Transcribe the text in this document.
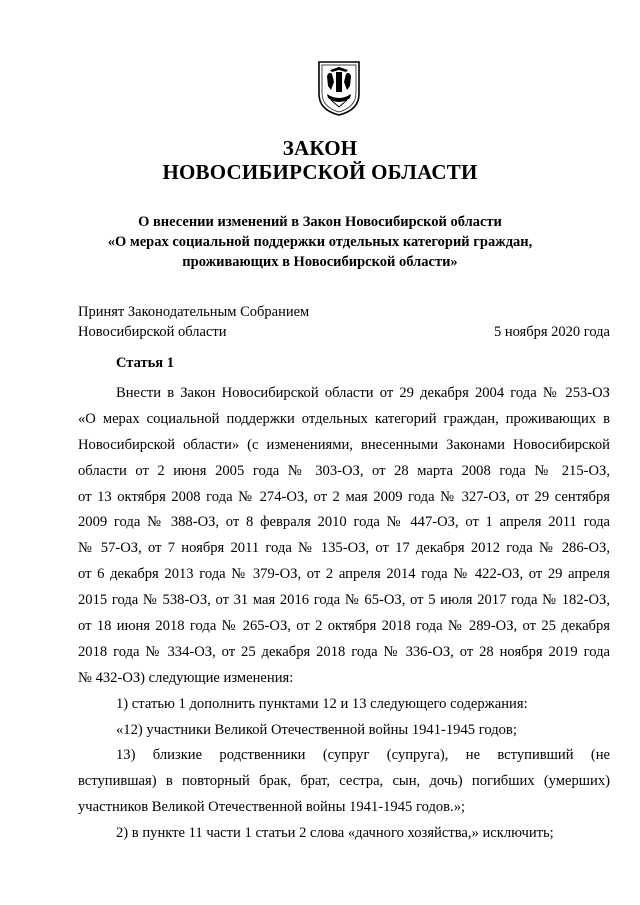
ЗАКОН
НОВОСИБИРСКОЙ ОБЛАСТИ
О внесении изменений в Закон Новосибирской области
«О мерах социальной поддержки отдельных категорий граждан,
проживающих в Новосибирской области»
Принят Законодательным Собранием
Новосибирской области	5 ноября 2020 года
Статья 1
Внести в Закон Новосибирской области от 29 декабря 2004 года № 253-ОЗ
«О мерах социальной поддержки отдельных категорий граждан, проживающих в
Новосибирской области» (с изменениями, внесенными Законами Новосибирской
области от 2 июня 2005 года № 303-ОЗ, от 28 марта 2008 года № 215-ОЗ,
от 13 октября 2008 года № 274-ОЗ, от 2 мая 2009 года № 327-ОЗ, от 29 сентября
2009 года № 388-ОЗ, от 8 февраля 2010 года № 447-ОЗ, от 1 апреля 2011 года
№ 57-ОЗ, от 7 ноября 2011 года № 135-ОЗ, от 17 декабря 2012 года № 286-ОЗ,
от 6 декабря 2013 года № 379-ОЗ, от 2 апреля 2014 года № 422-ОЗ, от 29 апреля
2015 года № 538-ОЗ, от 31 мая 2016 года № 65-ОЗ, от 5 июля 2017 года № 182-ОЗ,
от 18 июня 2018 года № 265-ОЗ, от 2 октября 2018 года № 289-ОЗ, от 25 декабря
2018 года № 334-ОЗ, от 25 декабря 2018 года № 336-ОЗ, от 28 ноября 2019 года
№ 432-ОЗ) следующие изменения:
1) статью 1 дополнить пунктами 12 и 13 следующего содержания:
«12) участники Великой Отечественной войны 1941-1945 годов;
13) близкие родственники (супруг (супруга), не вступивший (не
вступившая) в повторный брак, брат, сестра, сын, дочь) погибших (умерших)
участников Великой Отечественной войны 1941-1945 годов.»;
2) в пункте 11 части 1 статьи 2 слова «дачного хозяйства,» исключить;
